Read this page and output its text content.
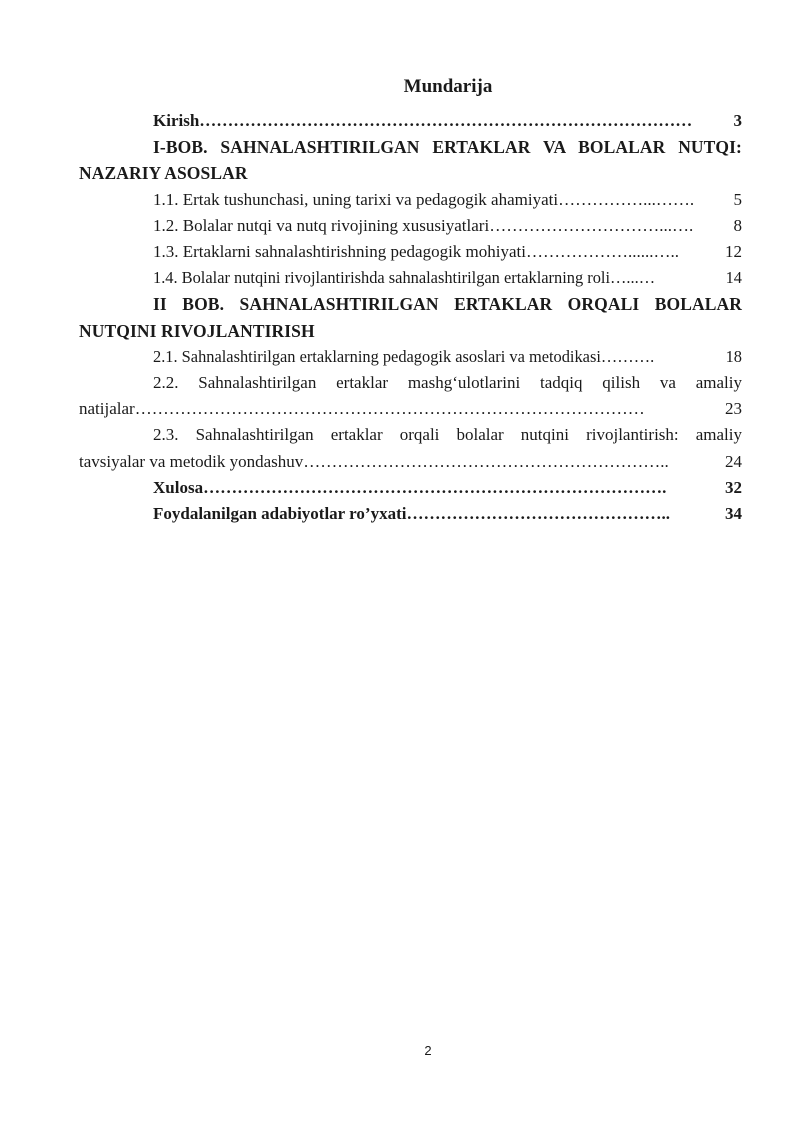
Mundarija
Kirish ……………………………………………………………………………	3
I-BOB. SAHNALASHTIRILGAN ERTAKLAR VA BOLALAR NUTQI:
NAZARIY ASOSLAR
1.1. Ertak tushunchasi, uning tarixi va pedagogik ahamiyati ……………...…….	5
1.2. Bolalar nutqi va nutq rivojining xususiyatlari …………………………...….	8
1.3. Ertaklarni sahnalashtirishning pedagogik mohiyati ………………......…..	12
1.4. Bolalar nutqini rivojlantirishda sahnalashtirilgan ertaklarning roli …...…	14
II BOB. SAHNALASHTIRILGAN ERTAKLAR ORQALI BOLALAR
NUTQINI RIVOJLANTIRISH
2.1. Sahnalashtirilgan ertaklarning pedagogik asoslari va metodikasi ……….	18
2.2. Sahnalashtirilgan ertaklar mashg‘ulotlarini tadqiq qilish va amaliy
natijalar ………………………………………………………………………………	23
2.3. Sahnalashtirilgan ertaklar orqali bolalar nutqini rivojlantirish: amaliy
tavsiyalar va metodik yondashuv ………………………………………………………..	24
Xulosa ……………………………………………………………………….	32
Foydalanilgan adabiyotlar ro’yxati ………………………………………..	34
2
